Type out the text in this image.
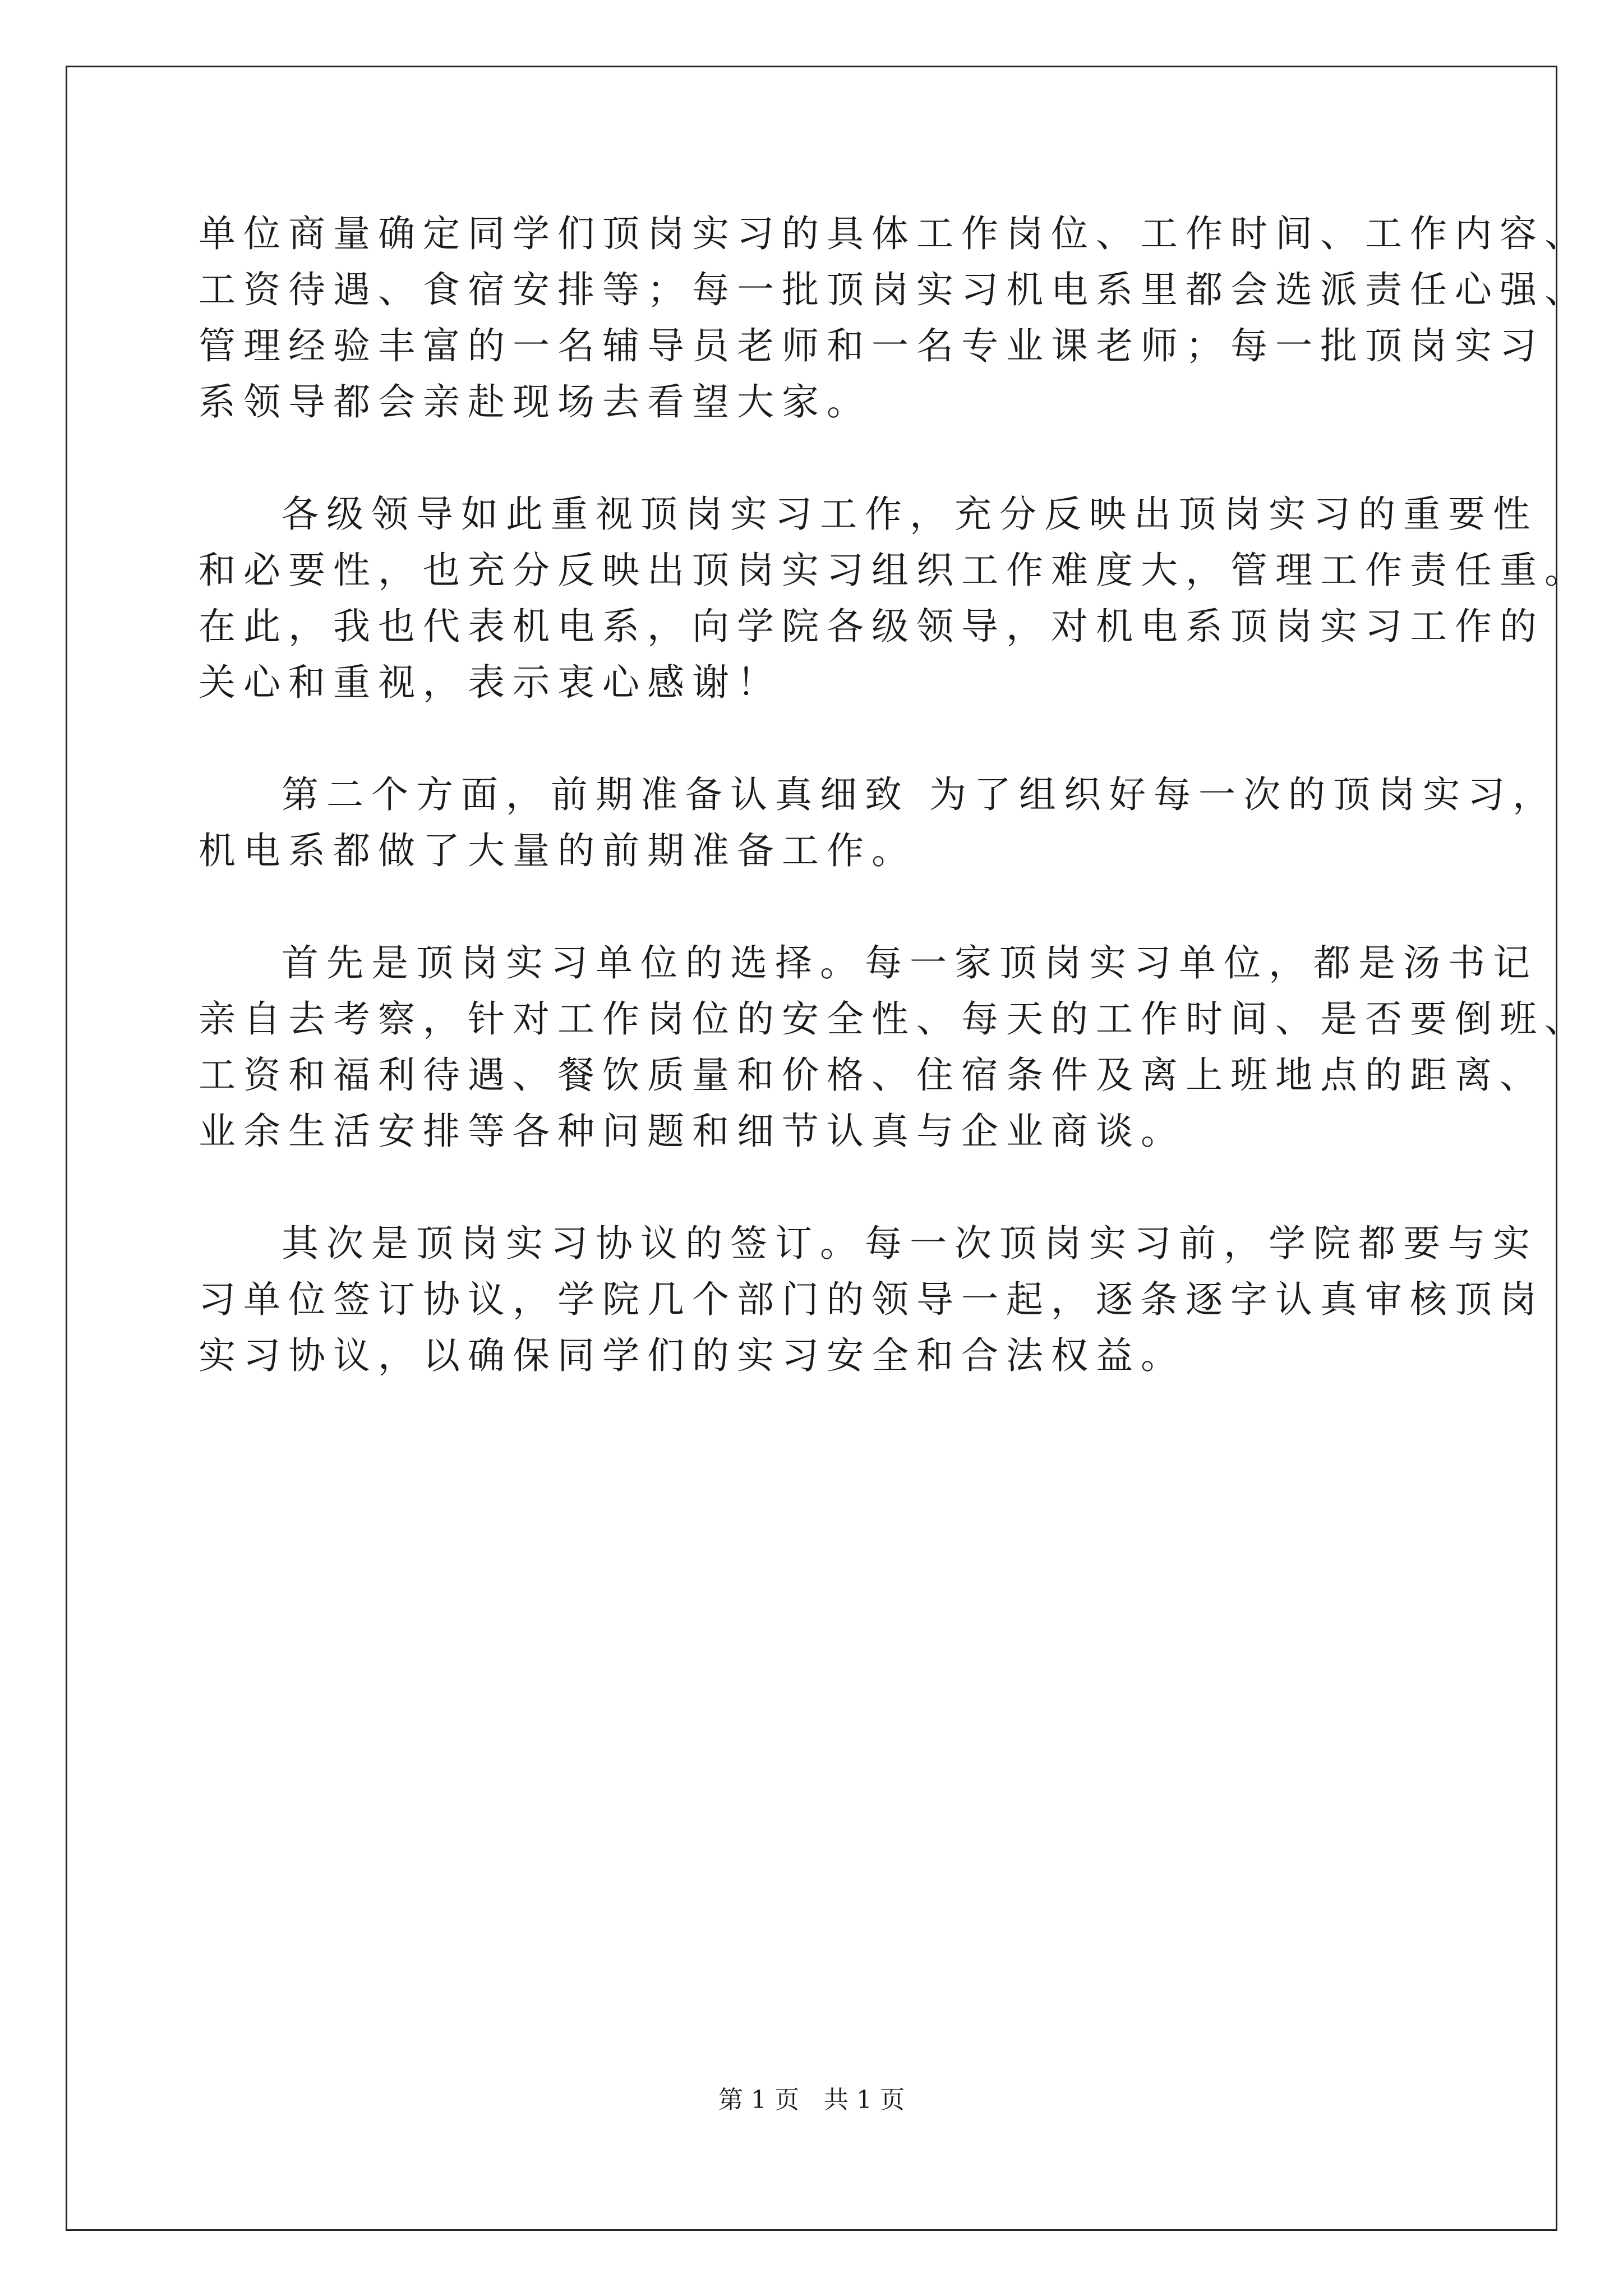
单位商量确定同学们顶岗实习的具体工作岗位、工作时间、工作内容、
工资待遇、食宿安排等；每一批顶岗实习机电系里都会选派责任心强、
管理经验丰富的一名辅导员老师和一名专业课老师；每一批顶岗实习
系领导都会亲赴现场去看望大家。
各级领导如此重视顶岗实习工作，充分反映出顶岗实习的重要性
和必要性，也充分反映出顶岗实习组织工作难度大，管理工作责任重。
在此，我也代表机电系，向学院各级领导，对机电系顶岗实习工作的
关心和重视，表示衷心感谢！
第二个方面，前期准备认真细致 为了组织好每一次的顶岗实习，
机电系都做了大量的前期准备工作。
首先是顶岗实习单位的选择。每一家顶岗实习单位，都是汤书记
亲自去考察，针对工作岗位的安全性、每天的工作时间、是否要倒班、
工资和福利待遇、餐饮质量和价格、住宿条件及离上班地点的距离、
业余生活安排等各种问题和细节认真与企业商谈。
其次是顶岗实习协议的签订。每一次顶岗实习前，学院都要与实
习单位签订协议，学院几个部门的领导一起，逐条逐字认真审核顶岗
实习协议，以确保同学们的实习安全和合法权益。
第 1 页　共 1 页
